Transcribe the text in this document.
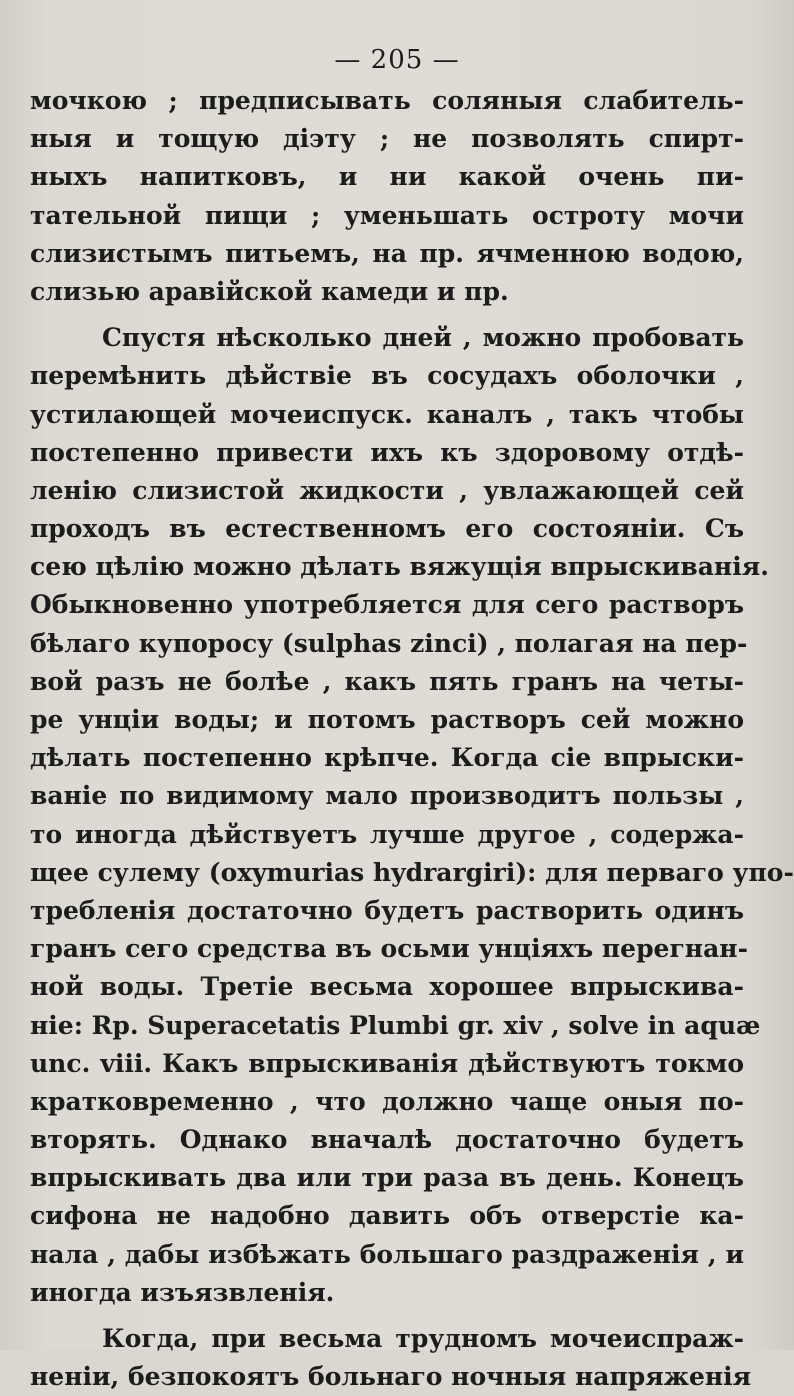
— 205 —
мочкою ; предписывать соляныя слабитель-
ныя и тощую діэту ; не позволять спирт-
ныхъ напитковъ, и ни какой очень пи-
тательной пищи ; уменьшать остроту мочи
слизистымъ питьемъ, на пр. ячменною водою,
слизью аравійской камеди и пр.
Спустя нѣсколько дней , можно пробовать
перемѣнить дѣйствіе въ сосудахъ оболочки ,
устилающей мочеиспуск. каналъ , такъ чтобы
постепенно привести ихъ къ здоровому отдѣ-
ленію слизистой жидкости , увлажающей сей
проходъ въ естественномъ его состояніи. Съ
сею цѣлію можно дѣлать вяжущія впрыскиванія.
Обыкновенно употребляется для сего растворъ
бѣлаго купоросу (sulphas zinci) , полагая на пер-
вой разъ не болѣе , какъ пять гранъ на четы-
ре унціи воды; и потомъ растворъ сей можно
дѣлать постепенно крѣпче. Когда сіе впрыски-
ваніе по видимому мало производитъ пользы ,
то иногда дѣйствуетъ лучше другое , содержа-
щее сулему (oxymurias hydrargiri): для перваго упо-
требленія достаточно будетъ растворить одинъ
гранъ сего средства въ осьми унціяхъ перегнан-
ной воды. Третіе весьма хорошее впрыскива-
ніе: Rp. Superacetatis Plumbi gr. xiv , solve in aquæ
unc. viii. Какъ впрыскиванія дѣйствуютъ токмо
кратковременно , что должно чаще оныя по-
вторять. Однако вначалѣ достаточно будетъ
впрыскивать два или три раза въ день. Конецъ
сифона не надобно давить объ отверстіе ка-
нала , дабы избѣжать большаго раздраженія , и
иногда изъязвленія.
Когда, при весьма трудномъ мочеиспраж-
неніи, безпокоятъ больнаго ночныя напряженія
